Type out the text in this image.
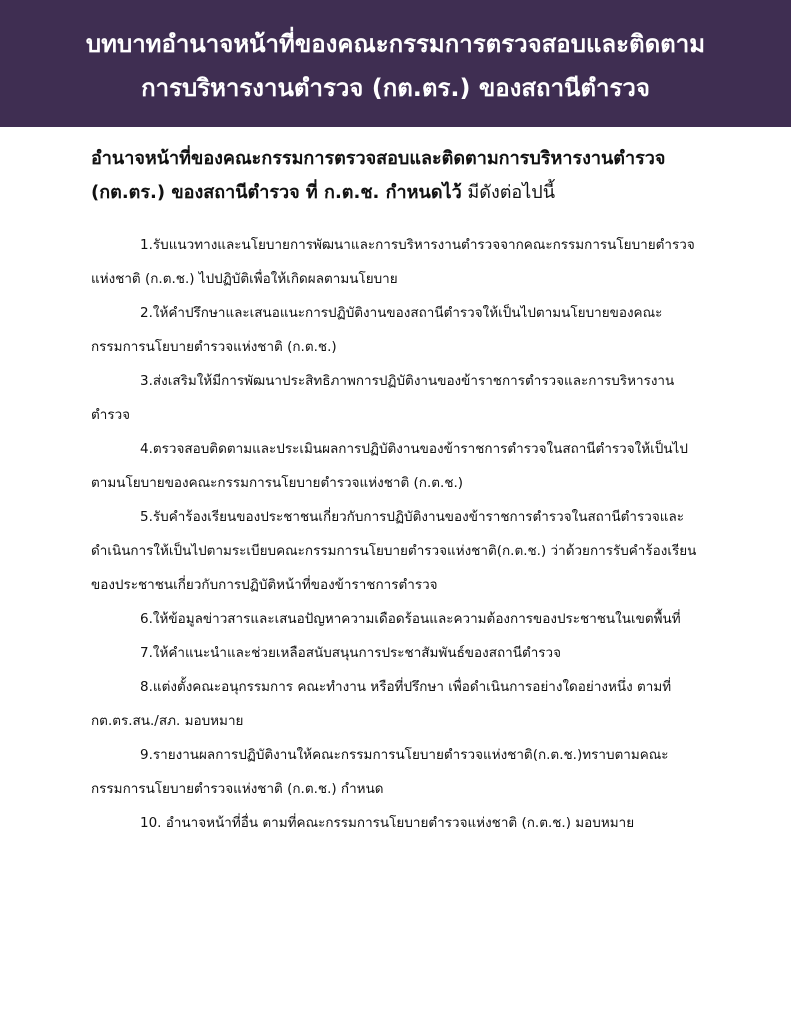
บทบาทอำนาจหน้าที่ของคณะกรรมการตรวจสอบและติดตาม
การบริหารงานตำรวจ (กต.ตร.) ของสถานีตำรวจ
อำนาจหน้าที่ของคณะกรรมการตรวจสอบและติดตามการบริหารงานตำรวจ (กต.ตร.) ของสถานีตำรวจ ที่ ก.ต.ช. กำหนดไว้ มีดังต่อไปนี้
1.รับแนวทางและนโยบายการพัฒนาและการบริหารงานตำรวจจากคณะกรรมการนโยบายตำรวจแห่งชาติ (ก.ต.ช.) ไปปฏิบัติเพื่อให้เกิดผลตามนโยบาย
2.ให้คำปรึกษาและเสนอแนะการปฏิบัติงานของสถานีตำรวจให้เป็นไปตามนโยบายของคณะกรรมการนโยบายตำรวจแห่งชาติ (ก.ต.ช.)
3.ส่งเสริมให้มีการพัฒนาประสิทธิภาพการปฏิบัติงานของข้าราชการตำรวจและการบริหารงานตำรวจ
4.ตรวจสอบติดตามและประเมินผลการปฏิบัติงานของข้าราชการตำรวจในสถานีตำรวจให้เป็นไปตามนโยบายของคณะกรรมการนโยบายตำรวจแห่งชาติ (ก.ต.ช.)
5.รับคำร้องเรียนของประชาชนเกี่ยวกับการปฏิบัติงานของข้าราชการตำรวจในสถานีตำรวจและดำเนินการให้เป็นไปตามระเบียบคณะกรรมการนโยบายตำรวจแห่งชาติ(ก.ต.ช.) ว่าด้วยการรับคำร้องเรียนของประชาชนเกี่ยวกับการปฏิบัติหน้าที่ของข้าราชการตำรวจ
6.ให้ข้อมูลข่าวสารและเสนอปัญหาความเดือดร้อนและความต้องการของประชาชนในเขตพื้นที่
7.ให้คำแนะนำและช่วยเหลือสนับสนุนการประชาสัมพันธ์ของสถานีตำรวจ
8.แต่งตั้งคณะอนุกรรมการ คณะทำงาน หรือที่ปรึกษา เพื่อดำเนินการอย่างใดอย่างหนึ่ง ตามที่ กต.ตร.สน./สภ. มอบหมาย
9.รายงานผลการปฏิบัติงานให้คณะกรรมการนโยบายตำรวจแห่งชาติ(ก.ต.ช.)ทราบตามคณะกรรมการนโยบายตำรวจแห่งชาติ (ก.ต.ช.) กำหนด
10. อำนาจหน้าที่อื่น ตามที่คณะกรรมการนโยบายตำรวจแห่งชาติ (ก.ต.ช.) มอบหมาย
